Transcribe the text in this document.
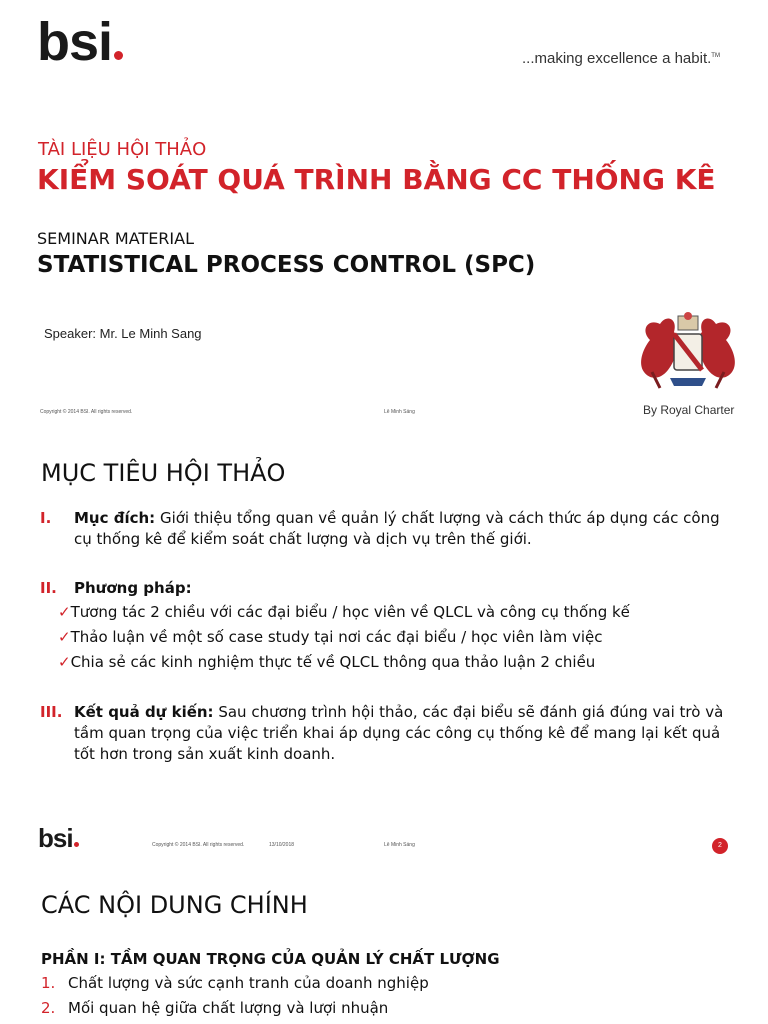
bsi	...making excellence a habit.™
TÀI LIỆU HỘI THẢO
KIỂM SOÁT QUÁ TRÌNH BẰNG CC THỐNG KÊ
SEMINAR MATERIAL
STATISTICAL PROCESS CONTROL (SPC)
Speaker: Mr. Le Minh Sang
By Royal Charter
Copyright © 2014 BSI. All rights reserved.	Lê Minh Sáng
MỤC TIÊU HỘI THẢO
I. Mục đích: Giới thiệu tổng quan về quản lý chất lượng và cách thức áp dụng các công cụ thống kê để kiểm soát chất lượng và dịch vụ trên thế giới.
II. Phương pháp:
✓Tương tác 2 chiều với các đại biểu / học viên về QLCL và công cụ thống kế
✓Thảo luận về một số case study tại nơi các đại biểu / học viên làm việc
✓Chia sẻ các kinh nghiệm thực tế về QLCL thông qua thảo luận 2 chiều
III. Kết quả dự kiến: Sau chương trình hội thảo, các đại biểu sẽ đánh giá đúng vai trò và tầm quan trọng của việc triển khai áp dụng các công cụ thống kê để mang lại kết quả tốt hơn trong sản xuất kinh doanh.
bsi	Copyright © 2014 BSI. All rights reserved.	13/10/2018	Lê Minh Sáng	2
CÁC NỘI DUNG CHÍNH
PHẦN I: TẦM QUAN TRỌNG CỦA QUẢN LÝ CHẤT LƯỢNG
1. Chất lượng và sức cạnh tranh của doanh nghiệp
2. Mối quan hệ giữa chất lượng và lượi nhuận
